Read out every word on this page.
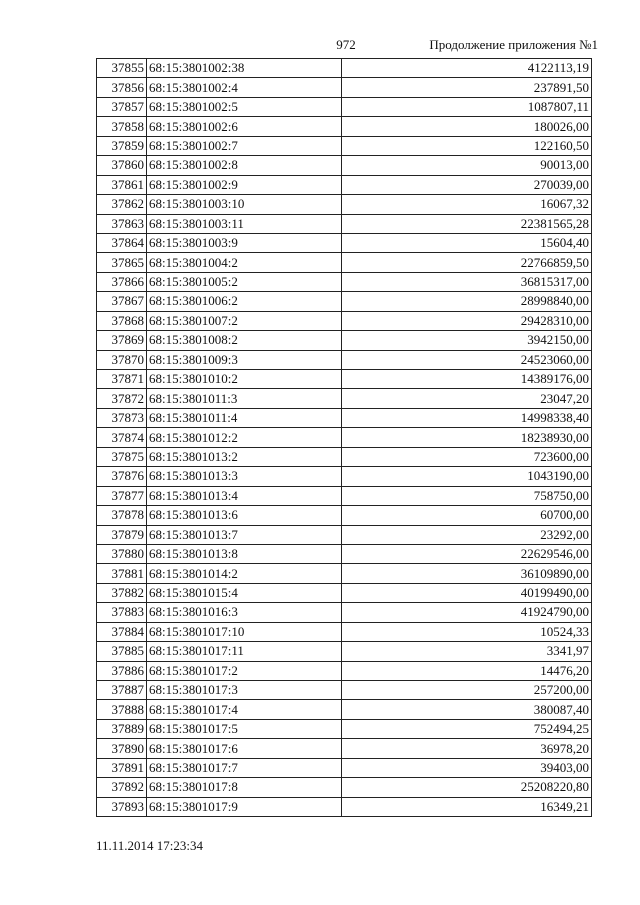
972	Продолжение приложения №1
37855	68:15:3801002:38	4122113,19
37856	68:15:3801002:4	237891,50
37857	68:15:3801002:5	1087807,11
37858	68:15:3801002:6	180026,00
37859	68:15:3801002:7	122160,50
37860	68:15:3801002:8	90013,00
37861	68:15:3801002:9	270039,00
37862	68:15:3801003:10	16067,32
37863	68:15:3801003:11	22381565,28
37864	68:15:3801003:9	15604,40
37865	68:15:3801004:2	22766859,50
37866	68:15:3801005:2	36815317,00
37867	68:15:3801006:2	28998840,00
37868	68:15:3801007:2	29428310,00
37869	68:15:3801008:2	3942150,00
37870	68:15:3801009:3	24523060,00
37871	68:15:3801010:2	14389176,00
37872	68:15:3801011:3	23047,20
37873	68:15:3801011:4	14998338,40
37874	68:15:3801012:2	18238930,00
37875	68:15:3801013:2	723600,00
37876	68:15:3801013:3	1043190,00
37877	68:15:3801013:4	758750,00
37878	68:15:3801013:6	60700,00
37879	68:15:3801013:7	23292,00
37880	68:15:3801013:8	22629546,00
37881	68:15:3801014:2	36109890,00
37882	68:15:3801015:4	40199490,00
37883	68:15:3801016:3	41924790,00
37884	68:15:3801017:10	10524,33
37885	68:15:3801017:11	3341,97
37886	68:15:3801017:2	14476,20
37887	68:15:3801017:3	257200,00
37888	68:15:3801017:4	380087,40
37889	68:15:3801017:5	752494,25
37890	68:15:3801017:6	36978,20
37891	68:15:3801017:7	39403,00
37892	68:15:3801017:8	25208220,80
37893	68:15:3801017:9	16349,21
11.11.2014 17:23:34
